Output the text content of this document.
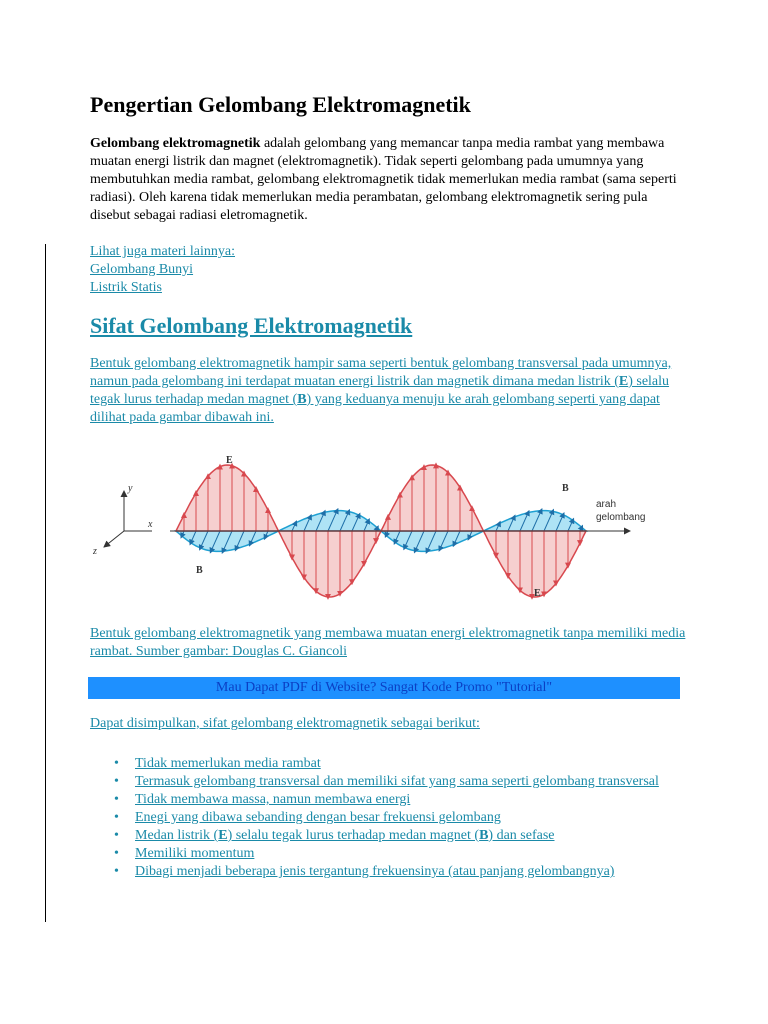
Pengertian Gelombang Elektromagnetik

Gelombang elektromagnetik adalah gelombang yang memancar tanpa media rambat yang membawa muatan energi listrik dan magnet (elektromagnetik). Tidak seperti gelombang pada umumnya yang membutuhkan media rambat, gelombang elektromagnetik tidak memerlukan media rambat (sama seperti radiasi). Oleh karena tidak memerlukan media perambatan, gelombang elektromagnetik sering pula disebut sebagai radiasi eletromagnetik.

Lihat juga materi lainnya:

Gelombang Bunyi

Listrik Statis

Sifat Gelombang Elektromagnetik

Bentuk gelombang elektromagnetik hampir sama seperti bentuk gelombang transversal pada umumnya, namun pada gelombang ini terdapat muatan energi listrik dan magnetik dimana medan listrik (E) selalu tegak lurus terhadap medan magnet (B) yang keduanya menuju ke arah gelombang seperti yang dapat dilihat pada gambar dibawah ini.

y
x
z
E
E
B
B
arah
gelombang

Bentuk gelombang elektromagnetik yang membawa muatan energi elektromagnetik tanpa memiliki media rambat. Sumber gambar: Douglas C. Giancoli

Mau Dapat PDF di Website? Sangat Kode Promo "Tutorial"

Dapat disimpulkan, sifat gelombang elektromagnetik sebagai berikut:

• Tidak memerlukan media rambat
• Termasuk gelombang transversal dan memiliki sifat yang sama seperti gelombang transversal
• Tidak membawa massa, namun membawa energi
• Enegi yang dibawa sebanding dengan besar frekuensi gelombang
• Medan listrik (E) selalu tegak lurus terhadap medan magnet (B) dan sefase
• Memiliki momentum
• Dibagi menjadi beberapa jenis tergantung frekuensinya (atau panjang gelombangnya)
